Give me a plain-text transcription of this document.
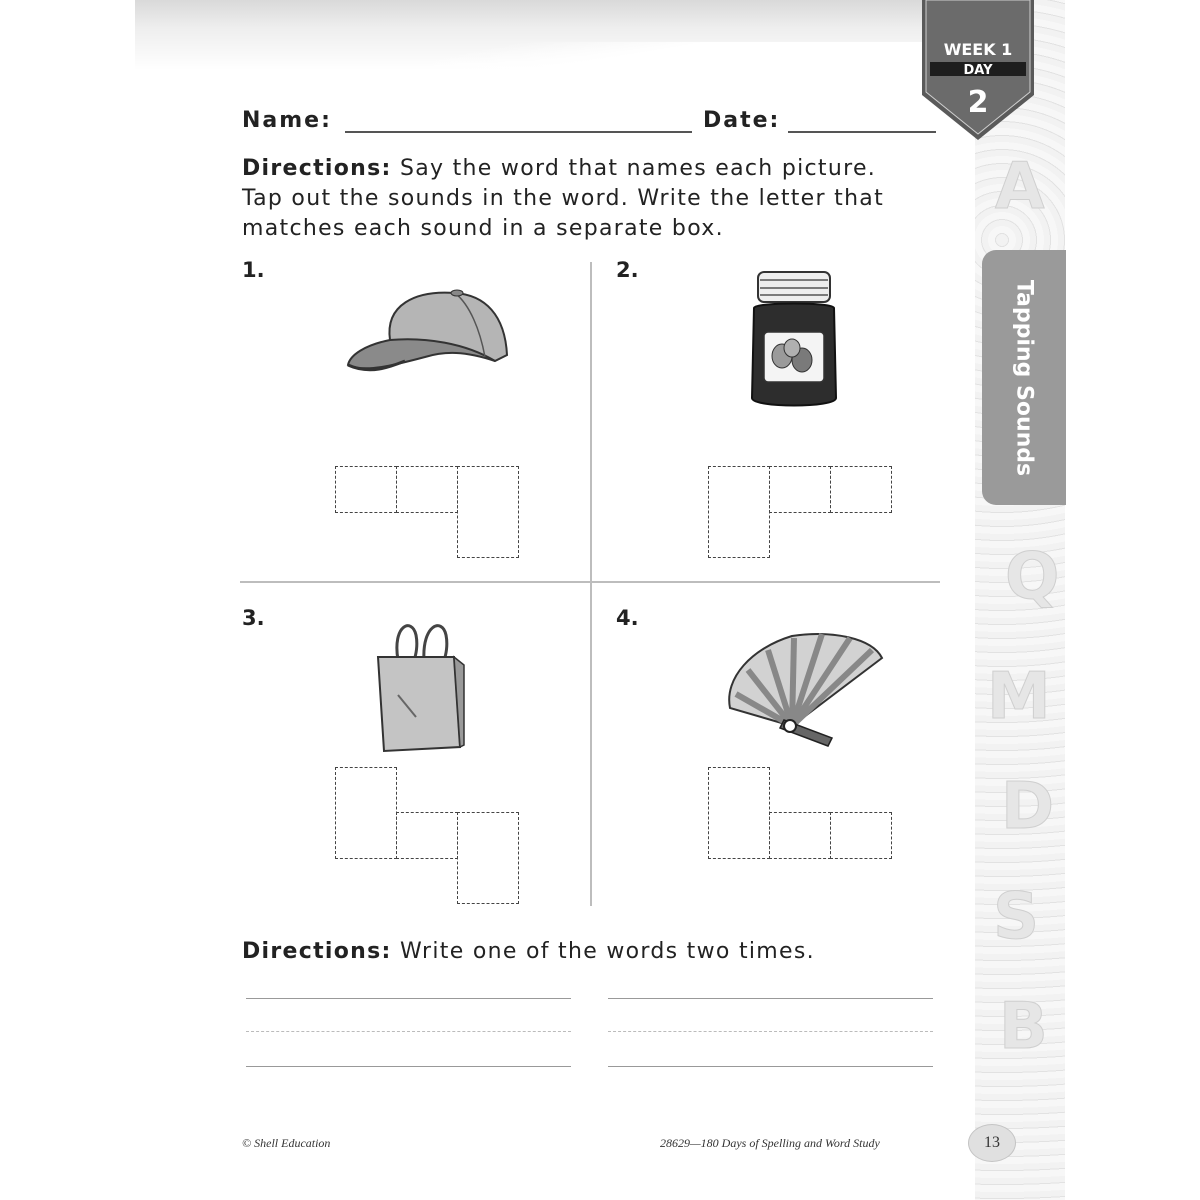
A
Q
M
D
S
B
WEEK 1
DAY
2
Tapping Sounds
Name:	Date:
Directions: Say the word that names each picture.
Tap out the sounds in the word. Write the letter that
matches each sound in a separate box.
1.	2.
3.	4.
Directions: Write one of the words two times.
© Shell Education	28629—180 Days of Spelling and Word Study	13
